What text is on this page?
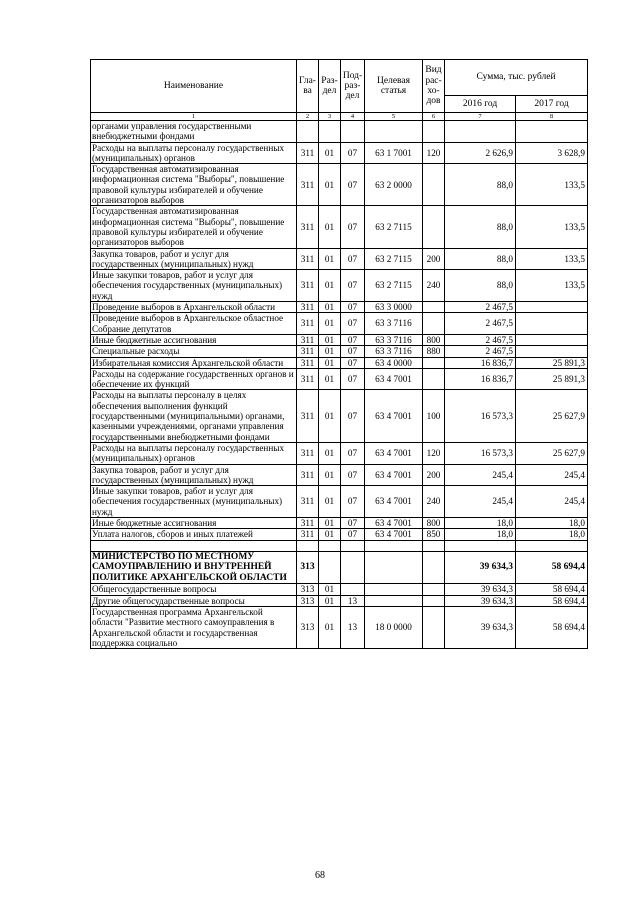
Наименование	Гла-ва	Раз-дел	Под-раз-дел	Целевая статья	Вид рас-хо-дов	Сумма, тыс. рублей	
						2016 год	2017 год
1	2	3	4	5	6	7	8
органами управления государственными внебюджетными фондами							
Расходы на выплаты персоналу государственных (муниципальных) органов	311	01	07	63 1 7001	120	2 626,9	3 628,9
Государственная автоматизированная информационная система "Выборы", повышение правовой культуры избирателей и обучение организаторов выборов	311	01	07	63 2 0000		88,0	133,5
Государственная автоматизированная информационная система "Выборы", повышение правовой культуры избирателей и обучение организаторов выборов	311	01	07	63 2 7115		88,0	133,5
Закупка товаров, работ и услуг для государственных (муниципальных) нужд	311	01	07	63 2 7115	200	88,0	133,5
Иные закупки товаров, работ и услуг для обеспечения государственных (муниципальных) нужд	311	01	07	63 2 7115	240	88,0	133,5
Проведение выборов в Архангельской области	311	01	07	63 3 0000		2 467,5	
Проведение выборов в Архангельское областное Собрание депутатов	311	01	07	63 3 7116		2 467,5	
Иные бюджетные ассигнования	311	01	07	63 3 7116	800	2 467,5	
Специальные расходы	311	01	07	63 3 7116	880	2 467,5	
Избирательная комиссия Архангельской области	311	01	07	63 4 0000		16 836,7	25 891,3
Расходы на содержание государственных органов и обеспечение их функций	311	01	07	63 4 7001		16 836,7	25 891,3
Расходы на выплаты персоналу в целях обеспечения выполнения функций государственными (муниципальными) органами, казенными учреждениями, органами управления государственными внебюджетными фондами	311	01	07	63 4 7001	100	16 573,3	25 627,9
Расходы на выплаты персоналу государственных (муниципальных) органов	311	01	07	63 4 7001	120	16 573,3	25 627,9
Закупка товаров, работ и услуг для государственных (муниципальных) нужд	311	01	07	63 4 7001	200	245,4	245,4
Иные закупки товаров, работ и услуг для обеспечения государственных (муниципальных) нужд	311	01	07	63 4 7001	240	245,4	245,4
Иные бюджетные ассигнования	311	01	07	63 4 7001	800	18,0	18,0
Уплата налогов, сборов и иных платежей	311	01	07	63 4 7001	850	18,0	18,0

МИНИСТЕРСТВО ПО МЕСТНОМУ САМОУПРАВЛЕНИЮ И ВНУТРЕННЕЙ ПОЛИТИКЕ АРХАНГЕЛЬСКОЙ ОБЛАСТИ	313					39 634,3	58 694,4
Общегосударственные вопросы	313	01				39 634,3	58 694,4
Другие общегосударственные вопросы	313	01	13			39 634,3	58 694,4
Государственная программа Архангельской области "Развитие местного самоуправления в Архангельской области и государственная поддержка социально	313	01	13	18 0 0000		39 634,3	58 694,4
68
